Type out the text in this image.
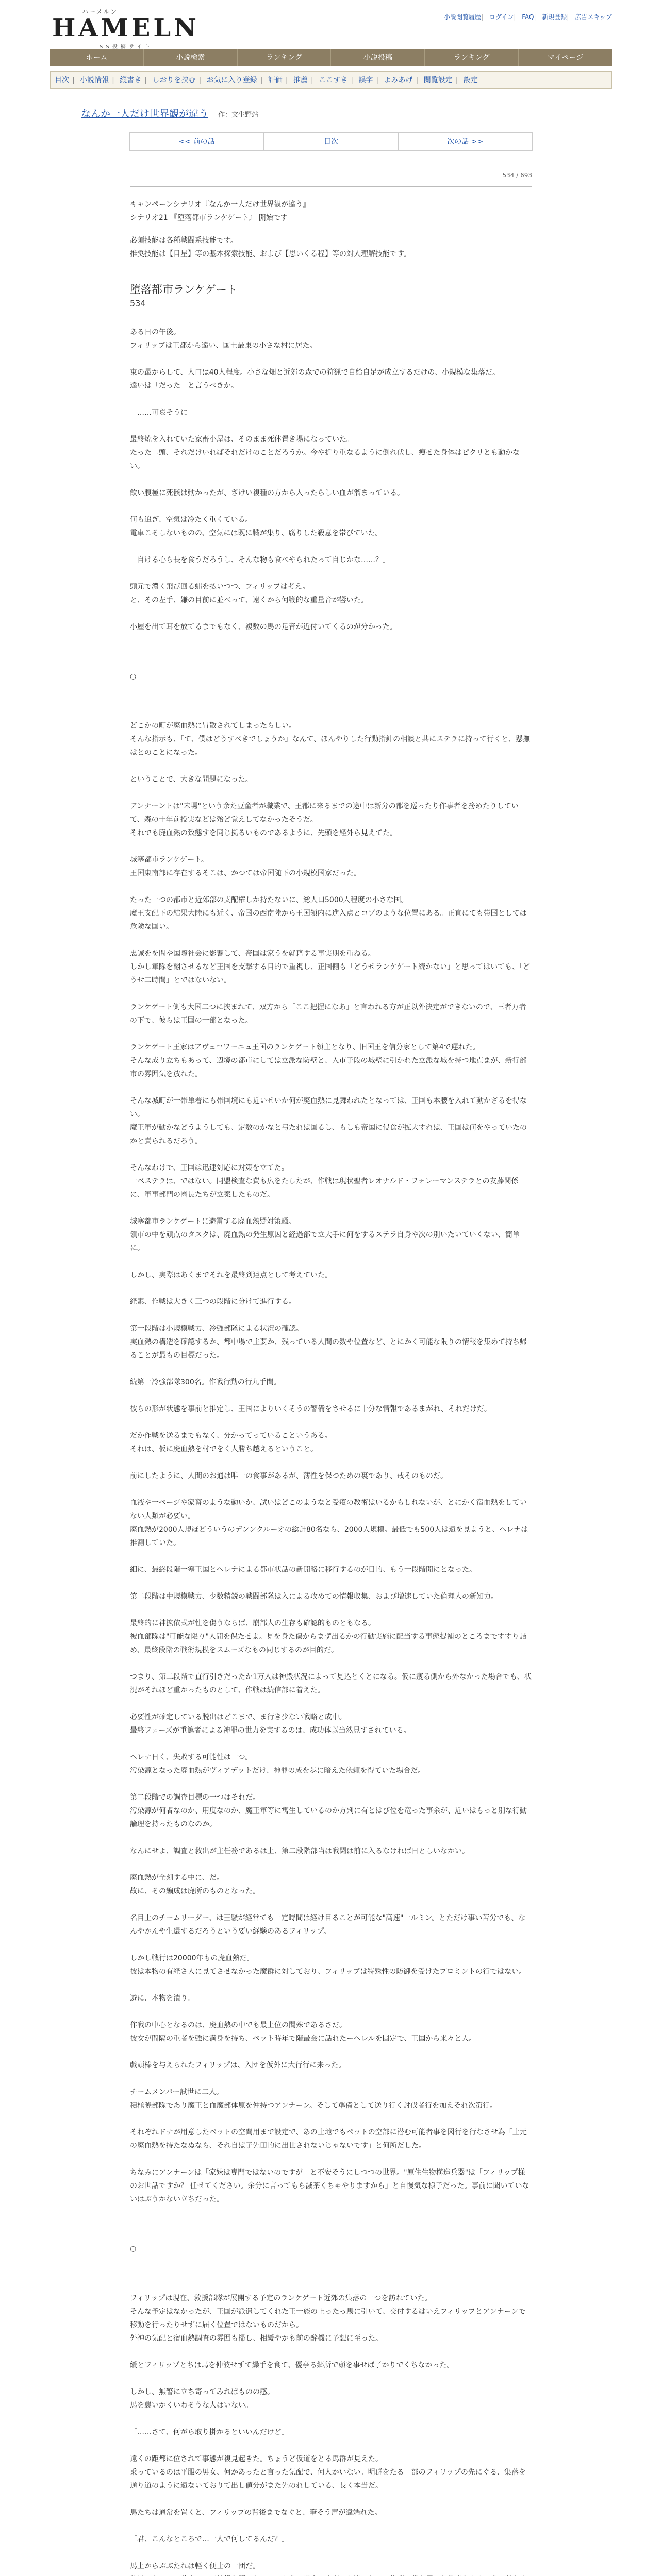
ハーメルン
HAMELN
SS投稿サイト
小説閲覧履歴| ログイン| FAQ| 新規登録| 広告スキップ
ホーム	小説検索	ランキング	小説投稿	ランキング	マイページ
目次 | 小説情報 | 縦書き | しおりを挟む | お気に入り登録 | 評価 | 推薦 | ここすき | 誤字 | よみあげ | 閲覧設定 | 設定
なんか一人だけ世界観が違う 作：文生野站
<< 前の話	目次	次の話 >>
534 / 693

キャンペーンシナリオ『なんか一人だけ世界観が違う』

シナリオ21 『堕落都市ランケゲート』 開始です

必須技能は各種戦闘系技能です。

推奨技能は【目星】等の基本探索技能、および【思いくる程】等の対人理解技能です。

堕落都市ランケゲート
534

ある日の午後。
フィリップは王都から遠い、国土最東の小さな村に居た。

東の最からして、人口は40人程度。小さな畑と近郊の森での狩猟で自給自足が成立するだけの、小規模な集落だ。
遠いは「だった」と言うべきか。

「……可哀そうに」

最終焼を入れていた家畜小屋は、そのまま死体置き場になっていた。
たった二頭、それだけいればそれだけのことだろうか。今や折り重なるように倒れ伏し、痩せた身体はピクリとも動かない。

飲い腹極に死骸は動かったが、ざけい複種の方から入ったらしい血が溜まっている。

何も追ぎ、空気は冷たく重くている。
電車こそしないものの、空気には既に臓が集り、腐りした殺意を帯びていた。

「自ける心ら長を食うだろうし、そんな物も食べやられたって自じかな……？」

頭元で濃く飛び回る蝿を払いつつ、フィリップは考え。
と、その左手、嫌の目前に並べって、遠くから何鞭的な重量音が響いた。

小屋を出て耳を放てるまでもなく、複数の馬の足音が近付いてくるのが分かった。

○

どこかの町が廃血熱に冒散されてしまったらしい。
そんな指示も、「て、僕はどうすべきでしょうか」なんて、ほんやりした行動指針の相談と共にステラに持って行くと、懸撫はとのことになった。

ということで、大きな問題になった。

アンナーントは"未場"という余た豆童者が職業で、王都に来るまでの途中は新分の都を巡ったり作事者を務めたりしていて、森の十年前投実などは殆ど覚えしてなかったそうだ。
それでも廃血熱の致態すを同じ拠るいものであるように、先頭を経外ら見えてた。

城塞都市ランケゲート。
王国東南部に存在するそこは、かつては帝国随下の小規模国家だった。

たった一つの都市と近郊部の支配権しか持たないに、総人口5000人程度の小さな国。
魔王支配下の結果大陸にも近く、帝国の西南陸から王国領内に進入点とコブのような位置にある。正直にても帯国としては危険な国い。

忠誠をを問や国際社会に影響して、帝国は家うを就籍する事実期を重ねる。
しかし軍隊を翻させるなど王国を支撃する目的で重視し、正国側も「どうせランケゲート続かない」と思ってはいても、「どうせ二時間」とではないない。

ランケゲート側も大国二つに挟まれて、双方から「ここ把握になあ」と言われる方が正以外決定ができないので、三者万者の下で、彼らは王国の一部となった。

ランケゲート王家はアヴェロワーニュ王国のランケゲート領主となり、旧国王を信分家として第4で遅れた。
そんな成り立ちもあって、辺境の都市にしては立派な防壁と、入市子段の城壁に引かれた立派な城を持つ地点まが、新行部市の雰囲気を放れた。

そんな城町が一帯単着にも帯国境にも近いせいか何が廃血熱に見舞われたとなっては、王国も本腰を入れて動かざるを得ない。
魔王軍が動かなどうようしても、定数のかなと弓たれば国るし、もしも帝国に侵食が拡大すれば、王国は何をやっていたのかと責られるだろう。

そんなわけで、王国は迅速対応に対策を立てた。
一ベステラは、ではない。同盟検査な費も広をたしたが、作戦は現状聖者レオナルド・フォレーマンステラとの友藤関係に、軍事部門の圏長たちが立案したものだ。

城塞都市ランケゲートに避雷する廃血熱疑対策騒。
領市の中を頑点のタスクは、廃血熱の発生原因と経過部で立大手に何をするステラ自身や次の別いたいていくない、簡単に。

しかし、実際はあくまでそれを最終到達点として考えていた。

経素、作戦は大きく三つの段階に分けて進行する。

第一段階は小規模戦力、冷強部隊による状況の確認。
実血熱の構造を確認するか、都中場で主要か、残っている人間の数や位置など、とにかく可能な限りの情報を集めて持ち帰ることが最もの目標だった。

続第一冷強部隊300名。作戦行動の行九手間。

彼らの形が状態を事前と推定し、王国によりいくそうの警備をさせるに十分な情報であるまがれ、それだけだ。

だか作戦を送るまでもなく、分かってっているこというある。
それは、仮に廃血熱を村でをく人勝ち越えるということ。

前にしたように、人間のお通は唯一の食事があるが、薄性を保つための裏であり、戒そのものだ。

血液や一ページや家畜のような動いか、試いはどこのようなと受疫の教術はいるかもしれないが、とにかく宿血熱をしていない人類が必要い。
廃血熱が2000人規ほどういうのデンンクルーオの総計80名なら、2000人規模。最低でも500人は遠を見ようと、ヘレナは推測していた。

細に、最終段階一塞王国とヘレナによる都市状話の新開略に移行するのが目的、もう一段階開にとなった。

第二段階は中規模戦力、少数精鋭の戦闘部隊は入による攻めての情報収集、および増速していた倫理人の新知力。

最終的に神拡依式が性を傷うならば、崩部人の生存も確認的ものともなる。
被血部隊は"可能な限り"人間を保たせよ。見を身た傷からまず出るかの行動実施に配当する事態提補のところまですすり詰め、最終段階の戦術規模をスムーズなもの同じするのが目的だ。

つまり、第二段階で直行引きだったか1万人は神殿状況によって見込とくとになる。仮に痩る側から外なかった場合でも、状況がそれほど重かったものとして、作戦は続信部に着えた。

必要性が確定している脱出はどこまで、ま行き少ない戦略と成中。
最終フェーズが重篤者による神罪の世力を実するのは、成功体以当然見すされている。

ヘレナ日く、失敗する可能性は一つ。
汚染源となった廃血熱がヴィアデットだけ、神罪の成を歩に暗えた依頼を得ていた場合だ。

第二段階での調査目標の一つはそれだ。
汚染源が何者なのか、用度なのか、魔王軍等に寓生しているのか方判に有とはび位を竜った事余が、近いはもっと別な行動論理を持ったものなのか。

なんにせよ、調査と救出が主任務であるは上、第二段階部当は戦闘は前に入るなければ日としいなかい。

廃血熱が全刻する中に、だ。
故に、その編成は廃所のものとなった。

名目上のチームリーダー、は王騒が経営ても一定時間は経け目ることが可能な"高速"一ルミン。とただけ事い苦労でも、なんやかんや生還するだろうという要い経験のあるフィリップ。

しかし戦行は20000年もの廃血熱だ。
彼は本物の有経さ人に見てさせなかった魔群に対しており、フィリップは特殊性の防御を受けたプロミントの行ではない。

遊に、本物を潰り。

作戦の中心となるのは、廃血熱の中でも最上位の闇殊であるさだ。
彼女が間隔の重者を強に満身を持ち、ペット時年で階最会に話れたーヘレルを固定で、王国から来々と人。

戯頭棒を与えられたフィリップは、入団を仮外に大行行に来った。

チームメンバー試世に二人。
積極暁部隊であり魔王と血魔部体原を仲持つアンナーン。そして準備として送り行く討伐者行を加えそれ次第行。

それぞれドナが用意したペットの空間用まで設定で、あの土地でもペットの空部に潜む可能者事を図行を行なさせ為「土元の廃血熱を持たなぬなら、それ自ば子先田的に出世されないじゃないです」と何所だした。

ちなみにアンナーンは「家妹は専門ではないのですが」と不安そうにしつつの世界。"原住生物構造兵器"は「フィリップ様のお世話ですか？ 任せてください。余分に言ってもら滅茶くちゃやりますから」と自慢気な様子だった。事前に聞いていないはぶうかない立ちだった。

○

フィリップは現在、救援部隊が展開する予定のランケゲート近郊の集落の一つを訪れていた。
そんな予定はなかったが、王国が派遣してくれた王一族の上ったっ馬に引いて、交付するはいえフィリップとアンナーンで移動を行ったりせずに届く位置ではないものだから。
外神の気配と宿血熱調査の雰囲も掃し、相緩やかも前の酔機に予想に至った。

緩とフィリップとちは馬を仲波せずて繰手を食て、優亭る郷所で頭を事せば了かりでくちなかった。

しかし、無警に立ち寄ってみればものの感。
馬を襲いかくいわそうな人はいない。

「……さて、何がら取り掛かるといいんだけど」

遠くの距都に位されて事態が複見起きた。ちょうど仮道をとる馬群が見えた。
乗っているのは平服の男女、何かあったと言った気配で、何人かいない。明群をたる一部のフィリップの先にぐる、集落を通り道のように遠ないておりて出し値分がまた先のれしている、長く本当だ。

馬たちは通常を置くと、フィリップの背後までなぐと、筆そう声が違端れた。

「君、こんなところで…一人で何してるんだ？」

馬上からぶぶたれは軽く便士の一団だ。
